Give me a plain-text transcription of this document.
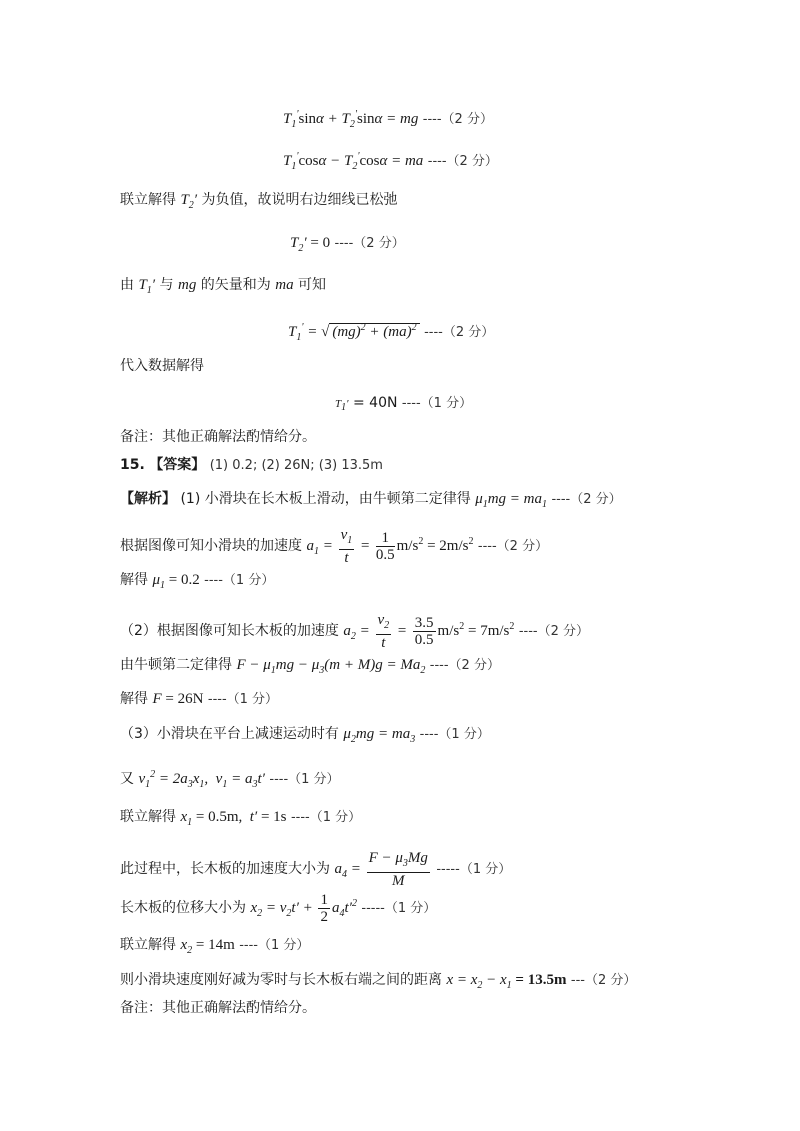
$T_1'\sin\alpha + T_2'\sin\alpha$ = mg ----（2 分）
$T_1'\cos\alpha - T_2'\cos\alpha$ = ma ----（2 分）
联立解得 $T_2'$ 为负值，故说明右边细线已松弛
$T_2' = 0$ ----（2 分）
由 $T_1'$ 与 mg 的矢量和为 ma 可知
$T_1'$ = √ (mg)$^2$ + (ma)$^2$ ----（2 分）
代入数据解得
$T_1' = 40N$ ----（1 分）
备注：其他正确解法酌情给分。
15. 【答案】 (1) 0.2; (2) 26N; (3) 13.5m
【解析】 (1) 小滑块在长木板上滑动，由牛顿第二定律得 $\mu_1mg = ma_1$ ----（2 分）
根据图像可知小滑块的加速度 $a_1 = \frac{v_1}{t} = \frac{1}{0.5} m/s^2 = 2m/s^2$ ----（2 分）
解得 $\mu_1 = 0.2$ ----（1 分）
（2）根据图像可知长木板的加速度 $a_2 = \frac{v_2}{t} = \frac{3.5}{0.5} m/s^2 = 7m/s^2$ ----（2 分）
由牛顿第二定律得 $F - \mu_1mg - \mu_3(m + M)g = Ma_2$ ----（2 分）
解得 F = 26N ----（1 分）
（3）小滑块在平台上减速运动时有 $\mu_2mg = ma_3$ ----（1 分）
又 $v_1^2 = 2a_3x_1$,  $v_1 = a_3t'$ ----（1 分）
联立解得 $x_1 = 0.5m$,  t′ = 1s ----（1 分）
此过程中，长木板的加速度大小为 $a_4 = \frac{F - \mu_3Mg}{M} -----(1$ 分）
长木板的位移大小为 $x_2 = v_2t' + \frac{1}{2} a_4t'^2$ -----（1 分）
联立解得 $x_2 = 14m$ ----（1 分）
则小滑块速度刚好减为零时与长木板右端之间的距离 $x = x_2 - x_1 = 13.5m$ ---（2 分）
备注：其他正确解法酌情给分。
